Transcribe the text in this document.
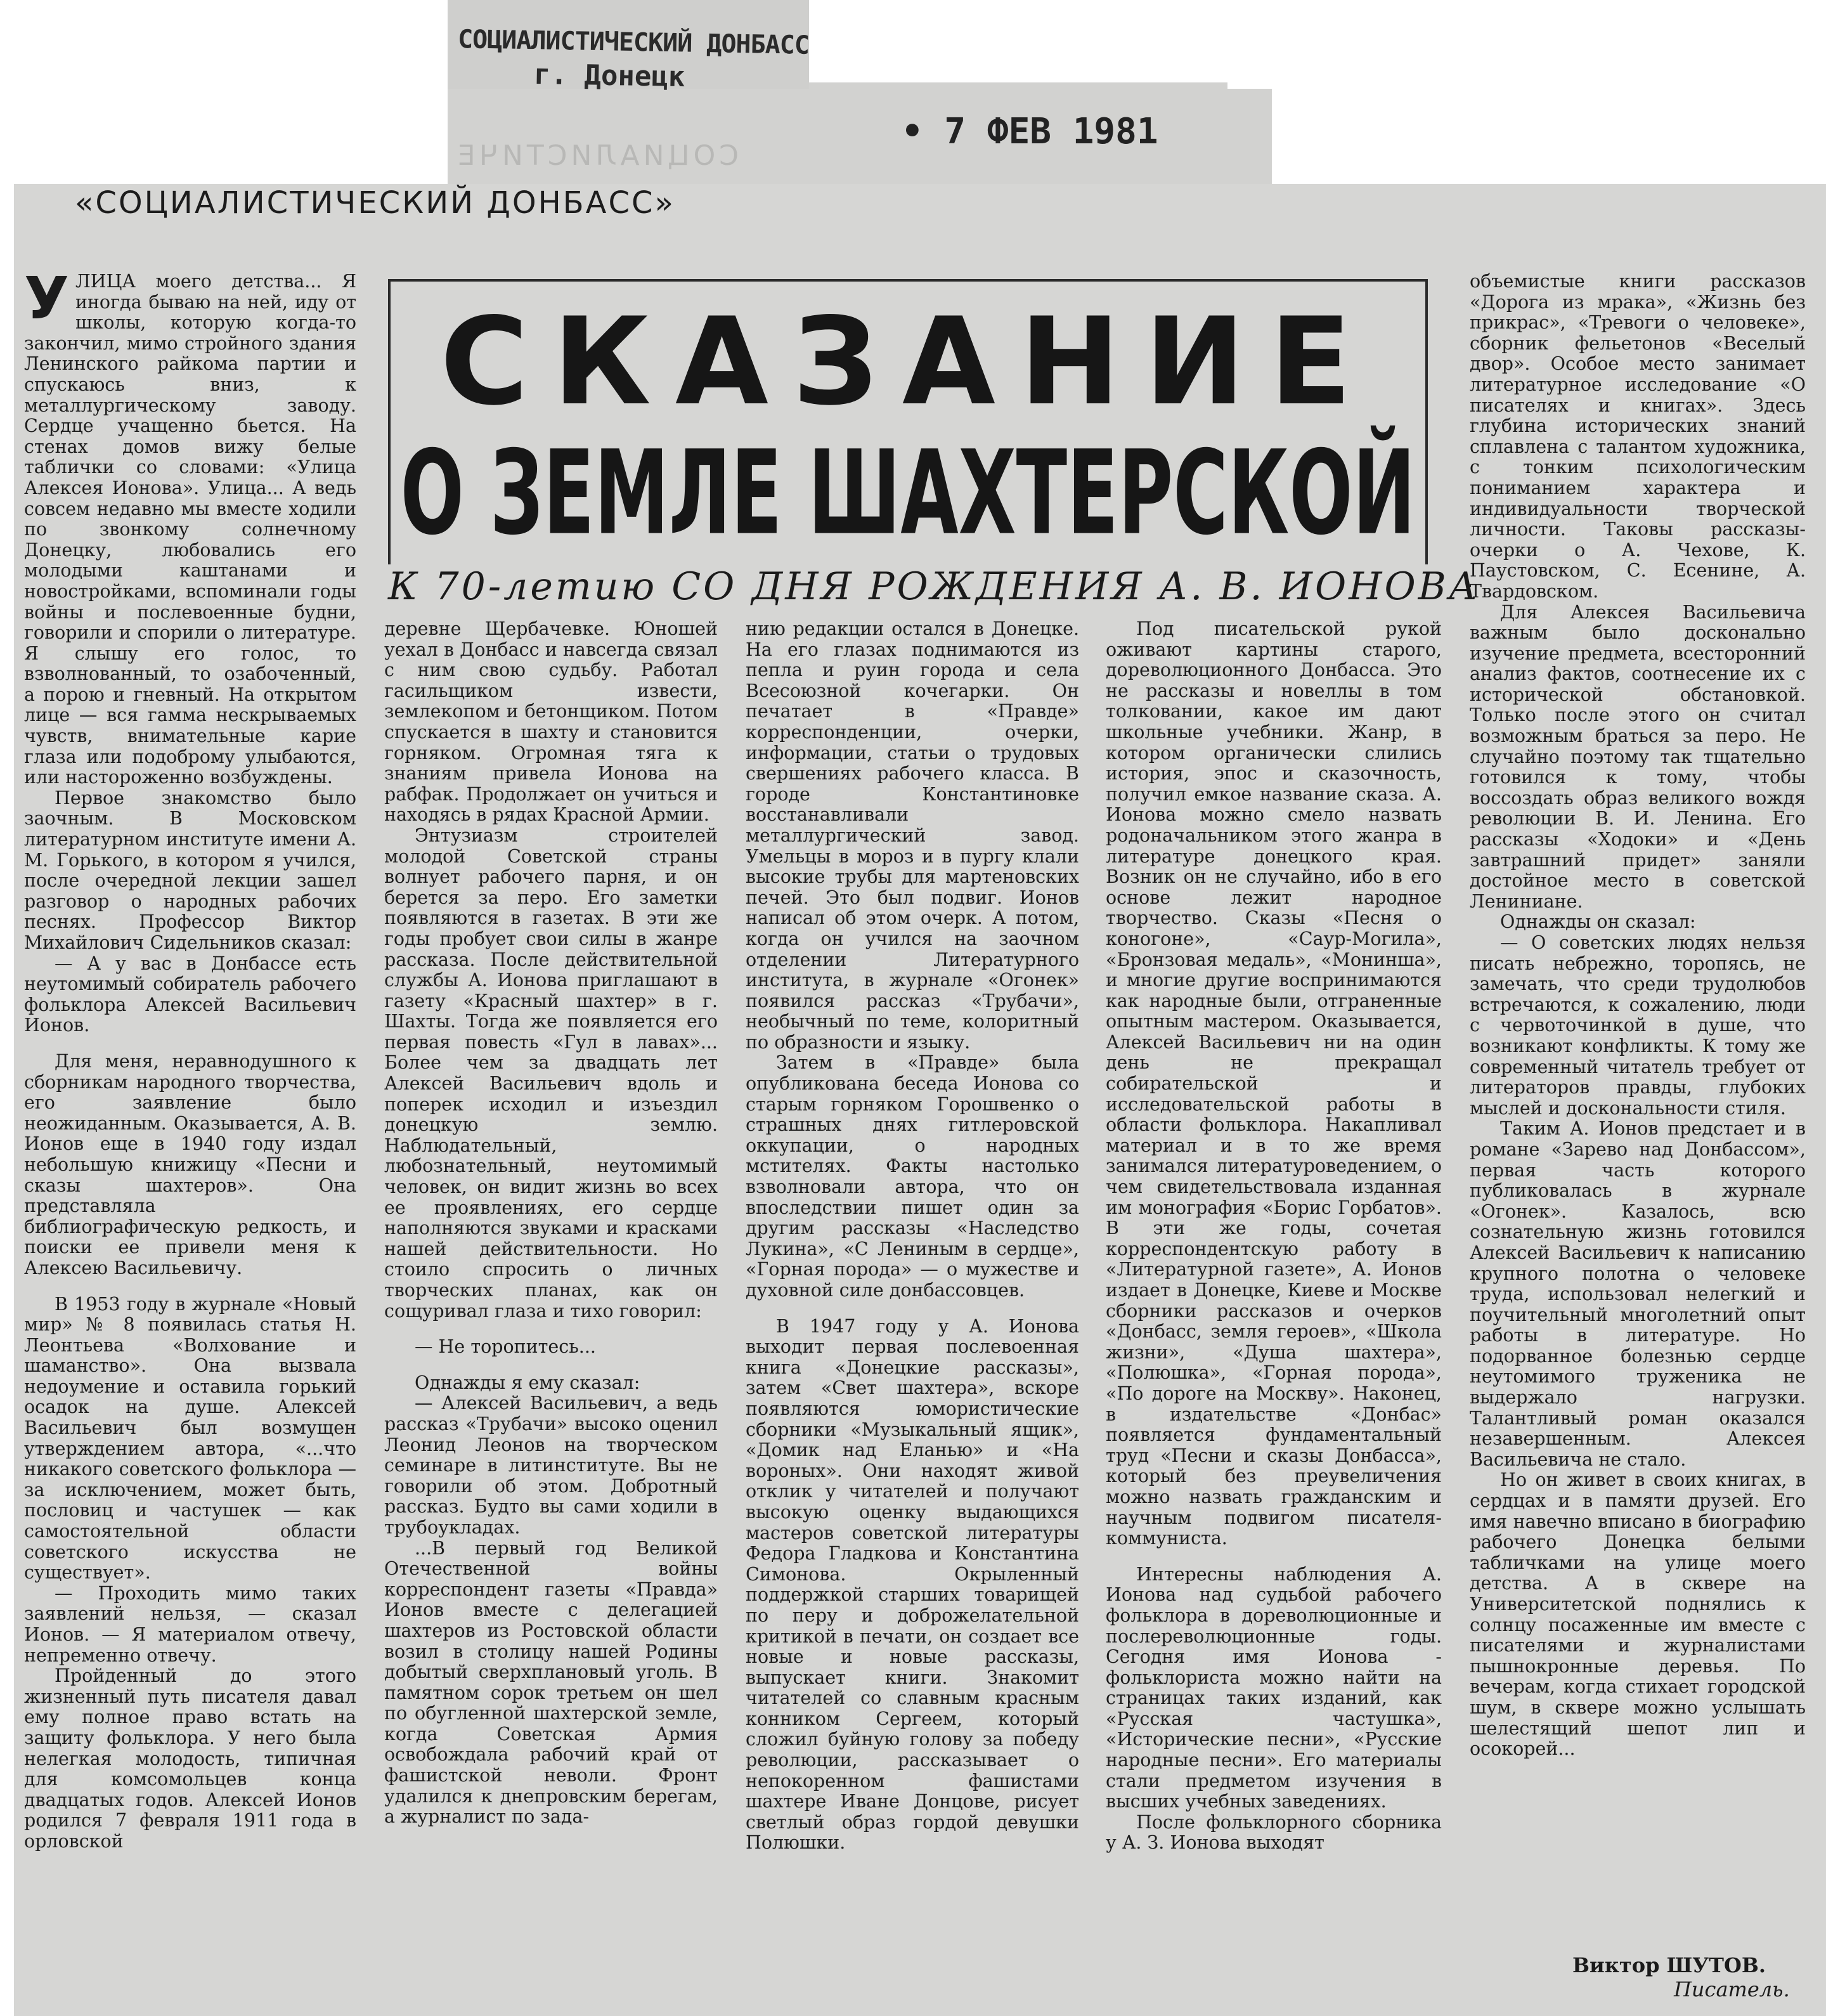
СОЦИАЛИСТИЧЕСКИЙ ДОНБАСС
г. Донецк
СОЦИАЛИСТИЧЕ
• 7 ФЕВ 1981
«СОЦИАЛИСТИЧЕСКИЙ ДОНБАСС»
СКАЗАНИЕ
О ЗЕМЛЕ ШАХТЕРСКОЙ
К 70-летию СО ДНЯ РОЖДЕНИЯ А. В. ИОНОВА

УЛИЦА моего детства... Я иногда бываю на ней, иду от школы, которую когда-то закончил, мимо стройного здания Ленинского райкома партии и спускаюсь вниз, к металлургическому заводу. Сердце учащенно бьется. На стенах домов вижу белые таблички со словами: «Улица Алексея Ионова». Улица... А ведь совсем недавно мы вместе ходили по звонкому солнечному Донецку, любовались его молодыми каштанами и новостройками, вспоминали годы войны и послевоенные будни, говорили и спорили о литературе. Я слышу его голос, то взволнованный, то озабоченный, а порою и гневный. На открытом лице — вся гамма нескрываемых чувств, внимательные карие глаза или подоброму улыбаются, или настороженно возбуждены.

Первое знакомство было заочным. В Московском литературном институте имени А. М. Горького, в котором я учился, после очередной лекции зашел разговор о народных рабочих песнях. Профессор Виктор Михайлович Сидельников сказал:

— А у вас в Донбассе есть неутомимый собиратель рабочего фольклора Алексей Васильевич Ионов.

Для меня, неравнодушного к сборникам народного творчества, его заявление было неожиданным. Оказывается, А. В. Ионов еще в 1940 году издал небольшую книжицу «Песни и сказы шахтеров». Она представляла библиографическую редкость, и поиски ее привели меня к Алексею Васильевичу.

В 1953 году в журнале «Новый мир» № 8 появилась статья Н. Леонтьева «Волхование и шаманство». Она вызвала недоумение и оставила горький осадок на душе. Алексей Васильевич был возмущен утверждением автора, «...что никакого советского фольклора — за исключением, может быть, пословиц и частушек — как самостоятельной области советского искусства не существует».

— Проходить мимо таких заявлений нельзя, — сказал Ионов. — Я материалом отвечу, непременно отвечу.

Пройденный до этого жизненный путь писателя давал ему полное право встать на защиту фольклора. У него была нелегкая молодость, типичная для комсомольцев конца двадцатых годов. Алексей Ионов родился 7 февраля 1911 года в орловской

деревне Щербачевке. Юношей уехал в Донбасс и навсегда связал с ним свою судьбу. Работал гасильщиком извести, землекопом и бетонщиком. Потом спускается в шахту и становится горняком. Огромная тяга к знаниям привела Ионова на рабфак. Продолжает он учиться и находясь в рядах Красной Армии.

Энтузиазм строителей молодой Советской страны волнует рабочего парня, и он берется за перо. Его заметки появляются в газетах. В эти же годы пробует свои силы в жанре рассказа. После действительной службы А. Ионова приглашают в газету «Красный шахтер» в г. Шахты. Тогда же появляется его первая повесть «Гул в лавах»... Более чем за двадцать лет Алексей Васильевич вдоль и поперек исходил и изъездил донецкую землю. Наблюдательный, любознательный, неутомимый человек, он видит жизнь во всех ее проявлениях, его сердце наполняются звуками и красками нашей действительности. Но стоило спросить о личных творческих планах, как он сощуривал глаза и тихо говорил:

— Не торопитесь...

Однажды я ему сказал:

— Алексей Васильевич, а ведь рассказ «Трубачи» высоко оценил Леонид Леонов на творческом семинаре в литинституте. Вы не говорили об этом. Добротный рассказ. Будто вы сами ходили в трубоукладах.

...В первый год Великой Отечественной войны корреспондент газеты «Правда» Ионов вместе с делегацией шахтеров из Ростовской области возил в столицу нашей Родины добытый сверхплановый уголь. В памятном сорок третьем он шел по обугленной шахтерской земле, когда Советская Армия освобождала рабочий край от фашистской неволи. Фронт удалился к днепровским берегам, а журналист по зада-

нию редакции остался в Донецке. На его глазах поднимаются из пепла и руин города и села Всесоюзной кочегарки. Он печатает в «Правде» корреспонденции, очерки, информации, статьи о трудовых свершениях рабочего класса. В городе Константиновке восстанавливали металлургический завод. Умельцы в мороз и в пургу клали высокие трубы для мартеновских печей. Это был подвиг. Ионов написал об этом очерк. А потом, когда он учился на заочном отделении Литературного института, в журнале «Огонек» появился рассказ «Трубачи», необычный по теме, колоритный по образности и языку.

Затем в «Правде» была опубликована беседа Ионова со старым горняком Горошвенко о страшных днях гитлеровской оккупации, о народных мстителях. Факты настолько взволновали автора, что он впоследствии пишет один за другим рассказы «Наследство Лукина», «С Лениным в сердце», «Горная порода» — о мужестве и духовной силе донбассовцев.

В 1947 году у А. Ионова выходит первая послевоенная книга «Донецкие рассказы», затем «Свет шахтера», вскоре появляются юмористические сборники «Музыкальный ящик», «Домик над Еланью» и «На вороных». Они находят живой отклик у читателей и получают высокую оценку выдающихся мастеров советской литературы Федора Гладкова и Константина Симонова. Окрыленный поддержкой старших товарищей по перу и доброжелательной критикой в печати, он создает все новые и новые рассказы, выпускает книги. Знакомит читателей со славным красным конником Сергеем, который сложил буйную голову за победу революции, рассказывает о непокоренном фашистами шахтере Иване Донцове, рисует светлый образ гордой девушки Полюшки.

Под писательской рукой оживают картины старого, дореволюционного Донбасса. Это не рассказы и новеллы в том толковании, какое им дают школьные учебники. Жанр, в котором органически слились история, эпос и сказочность, получил емкое название сказа. А. Ионова можно смело назвать родоначальником этого жанра в литературе донецкого края. Возник он не случайно, ибо в его основе лежит народное творчество. Сказы «Песня о коногоне», «Саур-Могила», «Бронзовая медаль», «Монинша», и многие другие воспринимаются как народные были, отграненные опытным мастером. Оказывается, Алексей Васильевич ни на один день не прекращал собирательской и исследовательской работы в области фольклора. Накапливал материал и в то же время занимался литературоведением, о чем свидетельствовала изданная им монография «Борис Горбатов». В эти же годы, сочетая корреспондентскую работу в «Литературной газете», А. Ионов издает в Донецке, Киеве и Москве сборники рассказов и очерков «Донбасс, земля героев», «Школа жизни», «Душа шахтера», «Полюшка», «Горная порода», «По дороге на Москву». Наконец, в издательстве «Донбас» появляется фундаментальный труд «Песни и сказы Донбасса», который без преувеличения можно назвать гражданским и научным подвигом писателя-коммуниста.

Интересны наблюдения А. Ионова над судьбой рабочего фольклора в дореволюционные и послереволюционные годы. Сегодня имя Ионова - фольклориста можно найти на страницах таких изданий, как «Русская частушка», «Исторические песни», «Русские народные песни». Его материалы стали предметом изучения в высших учебных заведениях.

После фольклорного сборника у А. З. Ионова выходят

объемистые книги рассказов «Дорога из мрака», «Жизнь без прикрас», «Тревоги о человеке», сборник фельетонов «Веселый двор». Особое место занимает литературное исследование «О писателях и книгах». Здесь глубина исторических знаний сплавлена с талантом художника, с тонким психологическим пониманием характера и индивидуальности творческой личности. Таковы рассказы-очерки о А. Чехове, К. Паустовском, С. Есенине, А. Твардовском.

Для Алексея Васильевича важным было досконально изучение предмета, всесторонний анализ фактов, соотнесение их с исторической обстановкой. Только после этого он считал возможным браться за перо. Не случайно поэтому так тщательно готовился к тому, чтобы воссоздать образ великого вождя революции В. И. Ленина. Его рассказы «Ходоки» и «День завтрашний придет» заняли достойное место в советской Лениниане.

Однажды он сказал:

— О советских людях нельзя писать небрежно, торопясь, не замечать, что среди трудолюбов встречаются, к сожалению, люди с червоточинкой в душе, что возникают конфликты. К тому же современный читатель требует от литераторов правды, глубоких мыслей и доскональности стиля.

Таким А. Ионов предстает и в романе «Зарево над Донбассом», первая часть которого публиковалась в журнале «Огонек». Казалось, всю сознательную жизнь готовился Алексей Васильевич к написанию крупного полотна о человеке труда, использовал нелегкий и поучительный многолетний опыт работы в литературе. Но подорванное болезнью сердце неутомимого труженика не выдержало нагрузки. Талантливый роман оказался незавершенным. Алексея Васильевича не стало.

Но он живет в своих книгах, в сердцах и в памяти друзей. Его имя навечно вписано в биографию рабочего Донецка белыми табличками на улице моего детства. А в сквере на Университетской поднялись к солнцу посаженные им вместе с писателями и журналистами пышнокронные деревья. По вечерам, когда стихает городской шум, в сквере можно услышать шелестящий шепот лип и осокорей...

Виктор ШУТОВ.
Писатель.
